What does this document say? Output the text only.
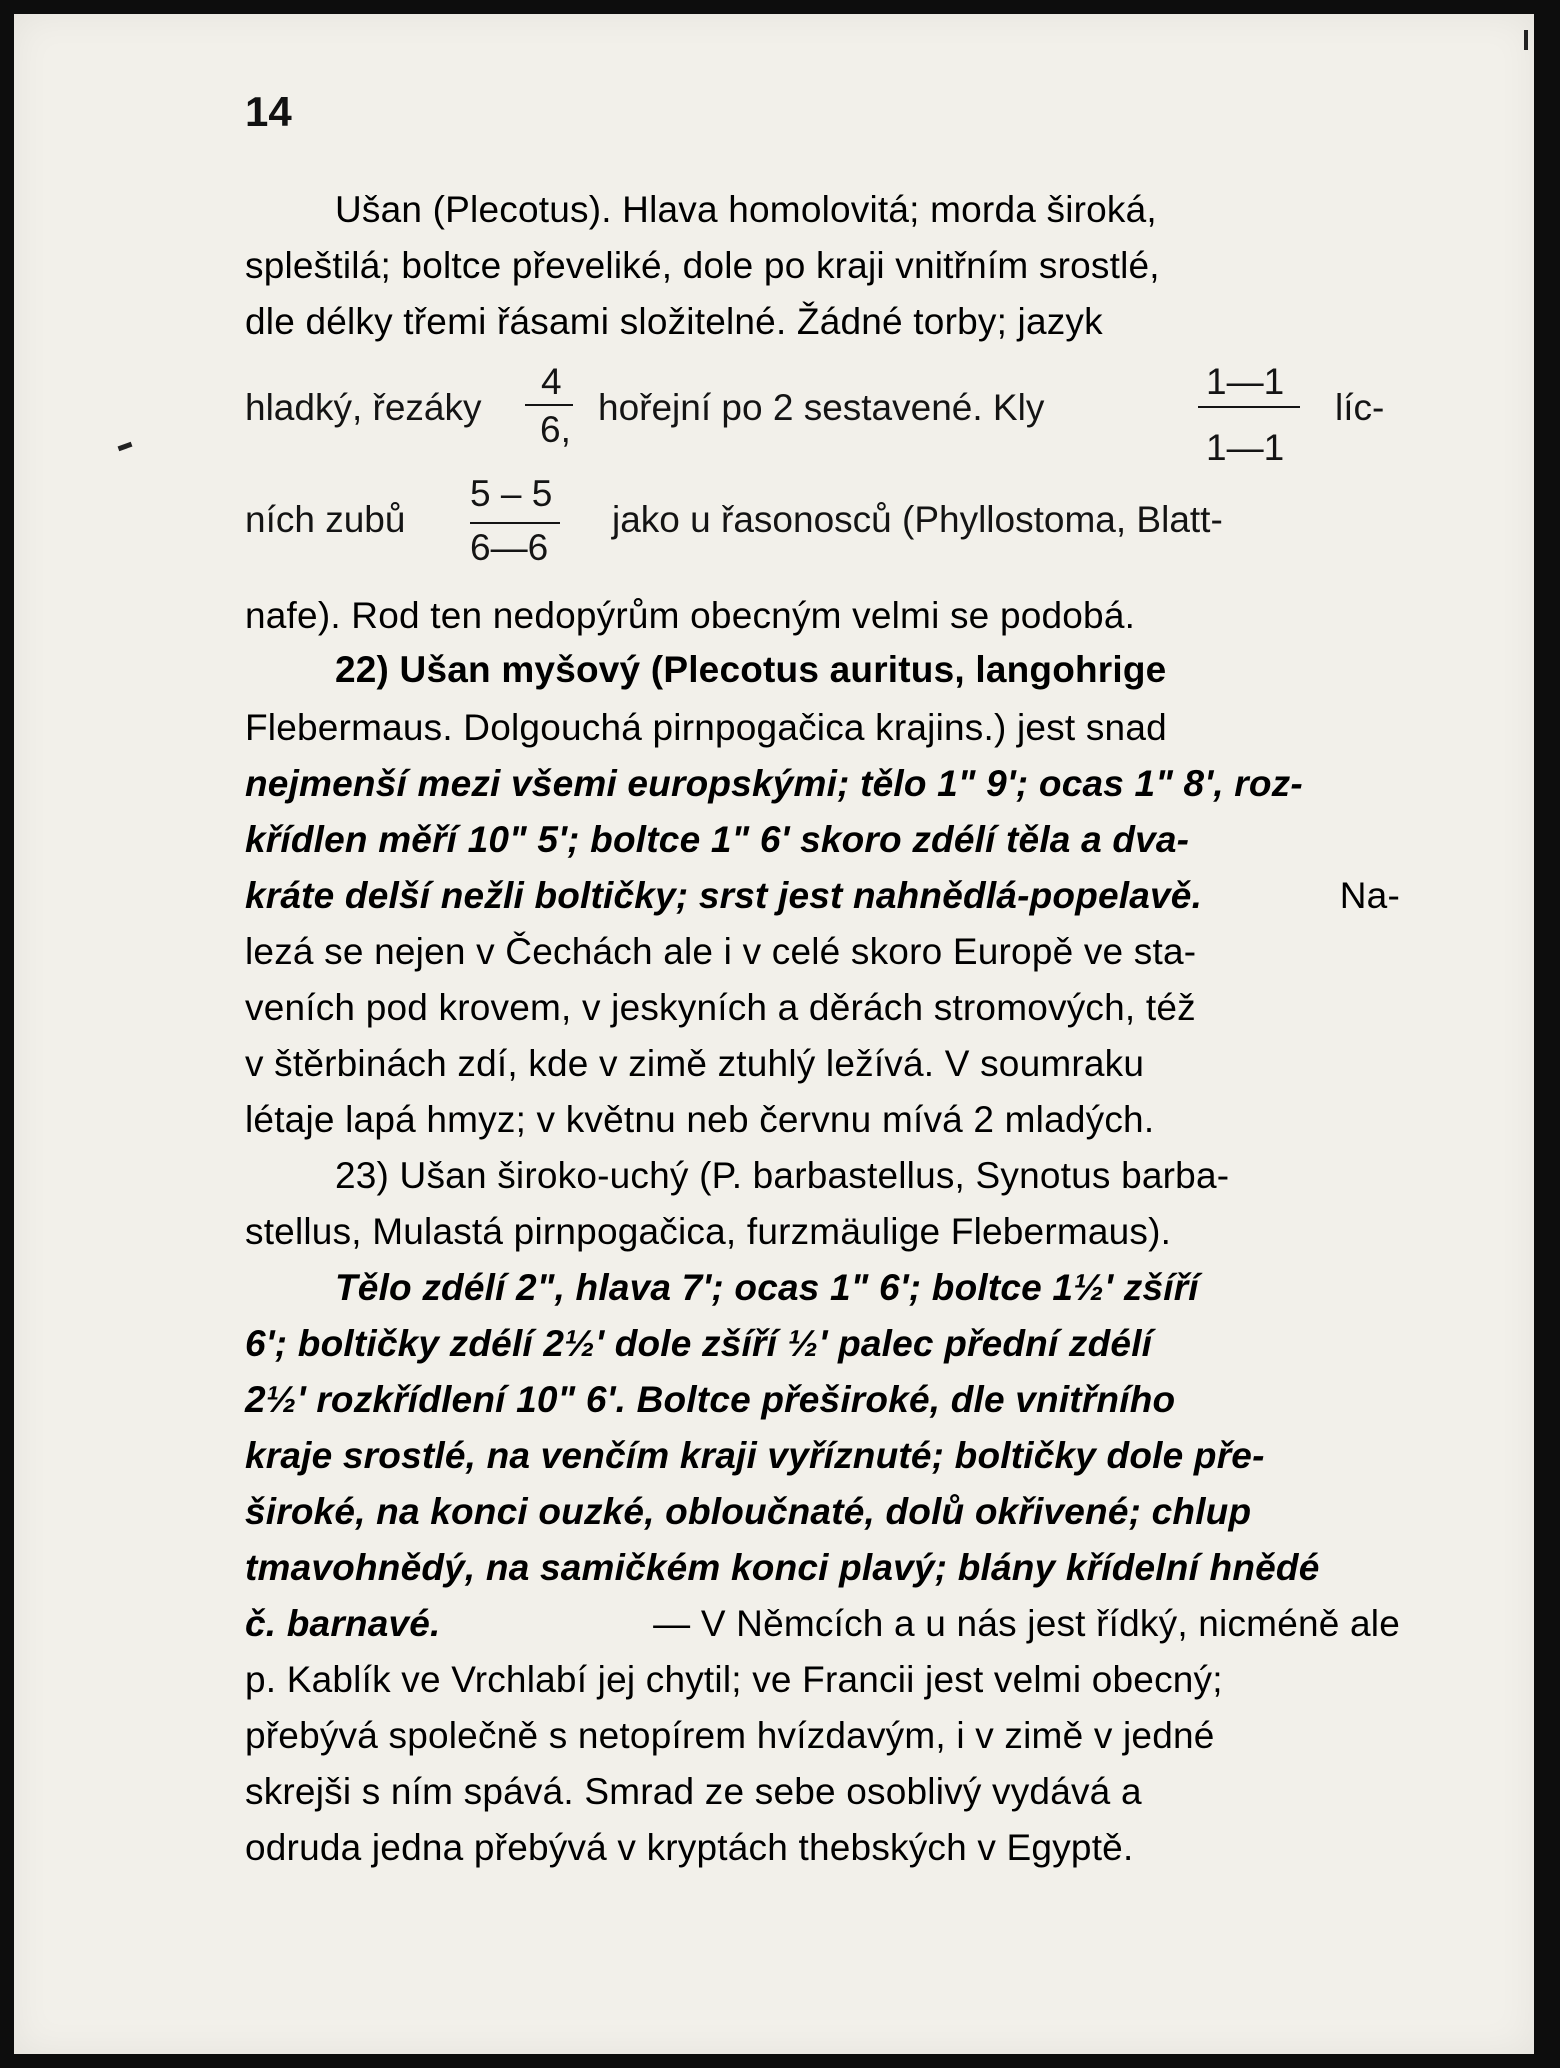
14
Ušan (Plecotus). Hlava homolovitá; morda široká,
spleštilá; boltce převeliké, dole po kraji vnitřním srostlé,
dle délky třemi řásami složitelné. Žádné torby; jazyk
hladký, řezáky
4
6,
hořejní po 2 sestavené. Kly
1—1
1—1
líc-
ních zubů
5 – 5
6—6
jako u řasonosců (Phyllostoma, Blatt-
nafe). Rod ten nedopýrům obecným velmi se podobá.
22) Ušan myšový (Plecotus auritus, langohrige
Flebermaus. Dolgouchá pirnpogačica krajins.) jest snad
nejmenší mezi všemi europskými; tělo 1" 9'; ocas 1" 8', roz-
křídlen měří 10" 5'; boltce 1" 6' skoro zdélí těla a dva-
kráte delší nežli boltičky; srst jest nahnědlá-popelavě.	Na-
lezá se nejen v Čechách ale i v celé skoro Europě ve sta-
veních pod krovem, v jeskyních a děrách stromových, též
v štěrbinách zdí, kde v zimě ztuhlý ležívá. V soumraku
létaje lapá hmyz; v květnu neb červnu mívá 2 mladých.
23) Ušan široko-uchý (P. barbastellus, Synotus barba-
stellus, Mulastá pirnpogačica, furzmäulige Flebermaus).
Tělo zdélí 2", hlava 7'; ocas 1" 6'; boltce 1½' zšíří
6'; boltičky zdélí 2½' dole zšíří ½' palec přední zdélí
2½' rozkřídlení 10" 6'. Boltce přeširoké, dle vnitřního
kraje srostlé, na venčím kraji vyříznuté; boltičky dole pře-
široké, na konci ouzké, obloučnaté, dolů okřivené; chlup
tmavohnědý, na samičkém konci plavý; blány křídelní hnědé
č. barnavé.	— V Němcích a u nás jest řídký, nicméně ale
p. Kablík ve Vrchlabí jej chytil; ve Francii jest velmi obecný;
přebývá společně s netopírem hvízdavým, i v zimě v jedné
skrejši s ním spává. Smrad ze sebe osoblivý vydává a
odruda jedna přebývá v kryptách thebských v Egyptě.
